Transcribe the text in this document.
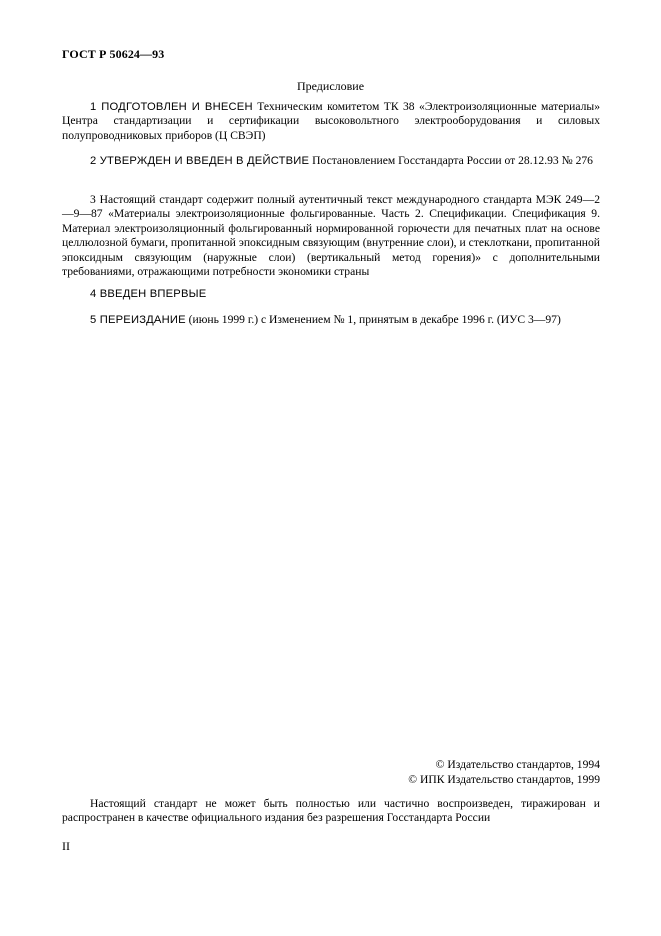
ГОСТ Р 50624—93
Предисловие
1 ПОДГОТОВЛЕН И ВНЕСЕН Техническим комитетом ТК 38 «Электроизоляционные материалы» Центра стандартизации и сертификации высоковольтного электрооборудования и силовых полупроводниковых приборов (Ц СВЭП)
2 УТВЕРЖДЕН И ВВЕДЕН В ДЕЙСТВИЕ Постановлением Госстандарта России от 28.12.93 № 276
3 Настоящий стандарт содержит полный аутентичный текст международного стандарта МЭК 249—2—9—87 «Материалы электроизоляционные фольгированные. Часть 2. Спецификации. Спецификация 9. Материал электроизоляционный фольгированный нормированной горючести для печатных плат на основе целлюлозной бумаги, пропитанной эпоксидным связующим (внутренние слои), и стеклоткани, пропитанной эпоксидным связующим (наружные слои) (вертикальный метод горения)» с дополнительными требованиями, отражающими потребности экономики страны
4 ВВЕДЕН ВПЕРВЫЕ
5 ПЕРЕИЗДАНИЕ (июнь 1999 г.) с Изменением № 1, принятым в декабре 1996 г. (ИУС 3—97)
© Издательство стандартов, 1994
© ИПК Издательство стандартов, 1999
Настоящий стандарт не может быть полностью или частично воспроизведен, тиражирован и распространен в качестве официального издания без разрешения Госстандарта России
II
